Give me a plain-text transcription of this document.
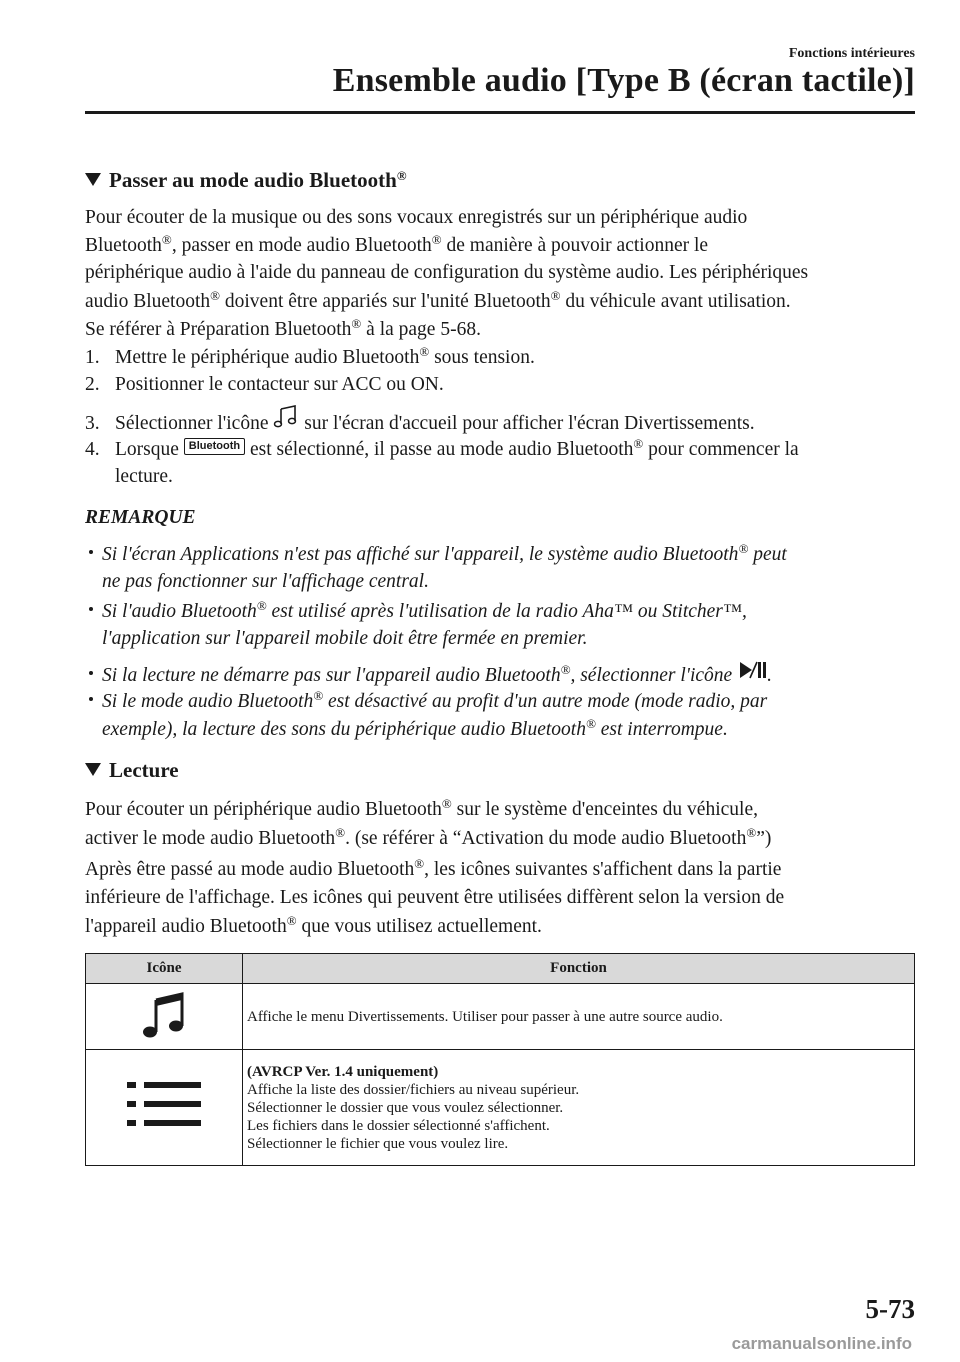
Fonctions intérieures
Ensemble audio [Type B (écran tactile)]
Passer au mode audio Bluetooth®
Pour écouter de la musique ou des sons vocaux enregistrés sur un périphérique audio
Bluetooth®, passer en mode audio Bluetooth® de manière à pouvoir actionner le
périphérique audio à l'aide du panneau de configuration du système audio. Les périphériques
audio Bluetooth® doivent être appariés sur l'unité Bluetooth® du véhicule avant utilisation.
Se référer à Préparation Bluetooth® à la page 5-68.
1. Mettre le périphérique audio Bluetooth® sous tension.
2. Positionner le contacteur sur ACC ou ON.
3. Sélectionner l'icône sur l'écran d'accueil pour afficher l'écran Divertissements.
4. Lorsque Bluetooth est sélectionné, il passe au mode audio Bluetooth® pour commencer la
lecture.
REMARQUE
Si l'écran Applications n'est pas affiché sur l'appareil, le système audio Bluetooth® peut
ne pas fonctionner sur l'affichage central.
Si l'audio Bluetooth® est utilisé après l'utilisation de la radio Aha™ ou Stitcher™,
l'application sur l'appareil mobile doit être fermée en premier.
Si la lecture ne démarre pas sur l'appareil audio Bluetooth®, sélectionner l'icône .
Si le mode audio Bluetooth® est désactivé au profit d'un autre mode (mode radio, par
exemple), la lecture des sons du périphérique audio Bluetooth® est interrompue.
Lecture
Pour écouter un périphérique audio Bluetooth® sur le système d'enceintes du véhicule,
activer le mode audio Bluetooth®. (se référer à “Activation du mode audio Bluetooth®”)
Après être passé au mode audio Bluetooth®, les icônes suivantes s'affichent dans la partie
inférieure de l'affichage. Les icônes qui peuvent être utilisées diffèrent selon la version de
l'appareil audio Bluetooth® que vous utilisez actuellement.
Icône	Fonction
	Affiche le menu Divertissements. Utiliser pour passer à une autre source audio.

(AVRCP Ver. 1.4 uniquement)
Affiche la liste des dossier/fichiers au niveau supérieur.
Sélectionner le dossier que vous voulez sélectionner.
Les fichiers dans le dossier sélectionné s'affichent.
Sélectionner le fichier que vous voulez lire.
5-73
carmanualsonline.info
